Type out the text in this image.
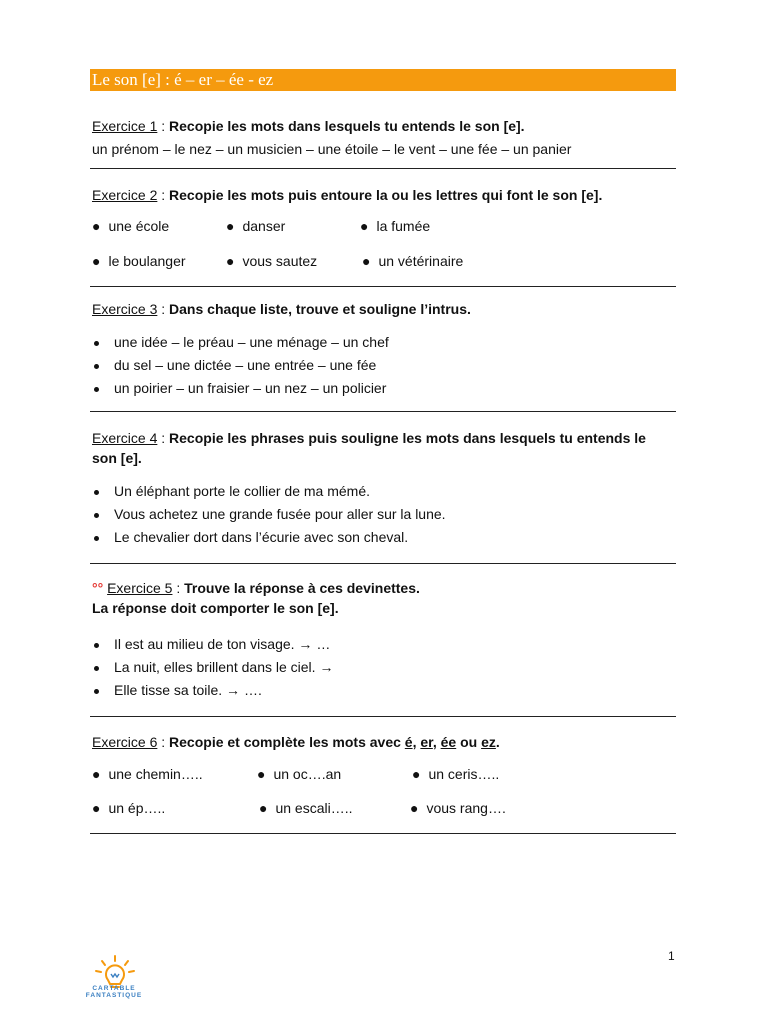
Le son [e] : é – er – ée - ez
Exercice 1 : Recopie les mots dans lesquels tu entends le son [e].
un prénom – le nez – un musicien – une étoile – le vent – une fée – un panier
Exercice 2 : Recopie les mots puis entoure la ou les lettres qui font le son [e].
● une école	● danser	● la fumée
● le boulanger	● vous sautez	● un vétérinaire
Exercice 3 : Dans chaque liste, trouve et souligne l’intrus.
une idée – le préau – une ménage – un chef
du sel – une dictée – une entrée – une fée
un poirier – un fraisier – un nez – un policier
Exercice 4 : Recopie les phrases puis souligne les mots dans lesquels tu entends le son [e].
Un éléphant porte le collier de ma mémé.
Vous achetez une grande fusée pour aller sur la lune.
Le chevalier dort dans l’écurie avec son cheval.
°° Exercice 5 : Trouve la réponse à ces devinettes.
La réponse doit comporter le son [e].
Il est au milieu de ton visage. → …
La nuit, elles brillent dans le ciel. →
Elle tisse sa toile. → ….
Exercice 6 : Recopie et complète les mots avec é, er, ée ou ez.
● une chemin…..	● un oc….an	● un ceris…..
● un ép…..	● un escali…..	● vous rang….
CARTABLE FANTASTIQUE
1
